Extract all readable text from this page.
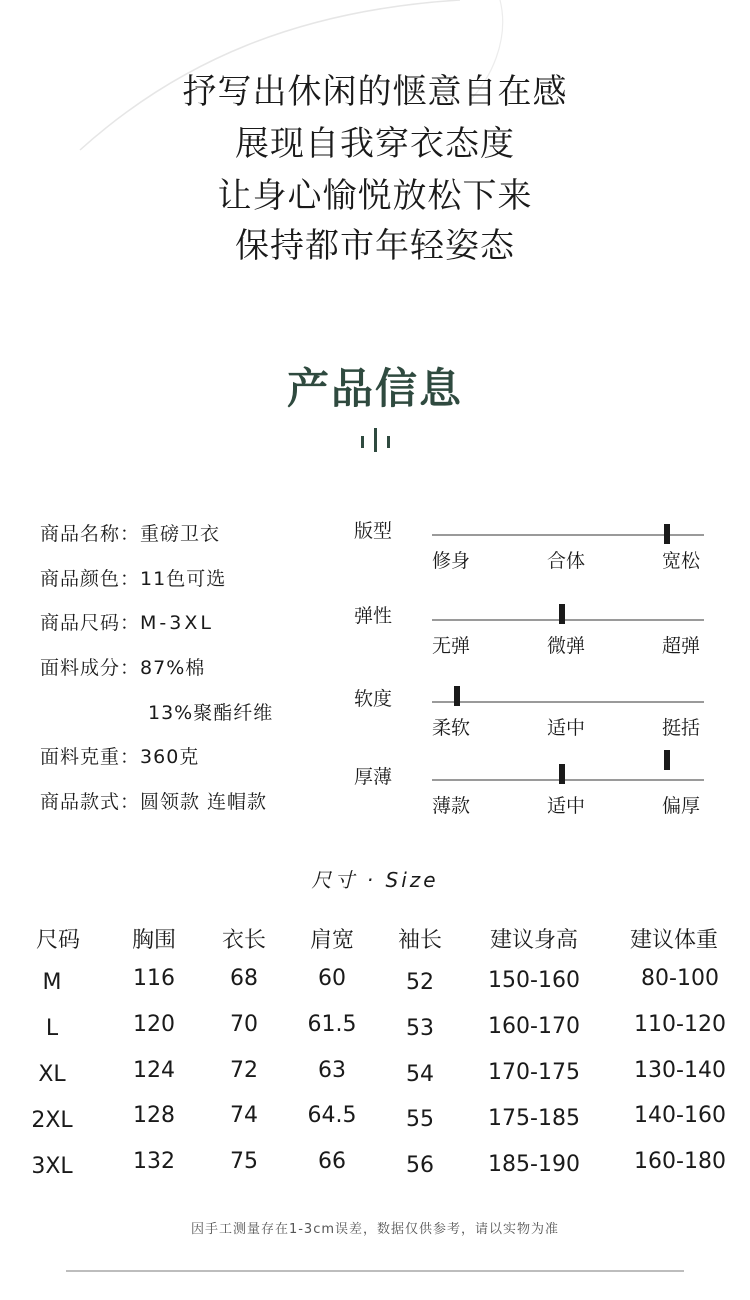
抒写出休闲的惬意自在感
展现自我穿衣态度
让身心愉悦放松下来
保持都市年轻姿态
产品信息
商品名称：重磅卫衣
商品颜色：11色可选
商品尺码：M-3XL
面料成分：87%棉
13%聚酯纤维
面料克重：360克
商品款式：圆领款 连帽款
版型
修身	合体	宽松
弹性
无弹	微弹	超弹
软度
柔软	适中	挺括
厚薄
薄款	适中	偏厚
尺寸 · Size
尺码	胸围	衣长	肩宽	袖长	建议身高	建议体重
M	116	68	60	52	150-160	80-100
L	120	70	61.5	53	160-170	110-120
XL	124	72	63	54	170-175	130-140
2XL	128	74	64.5	55	175-185	140-160
3XL	132	75	66	56	185-190	160-180
因手工测量存在1-3cm误差，数据仅供参考，请以实物为准
